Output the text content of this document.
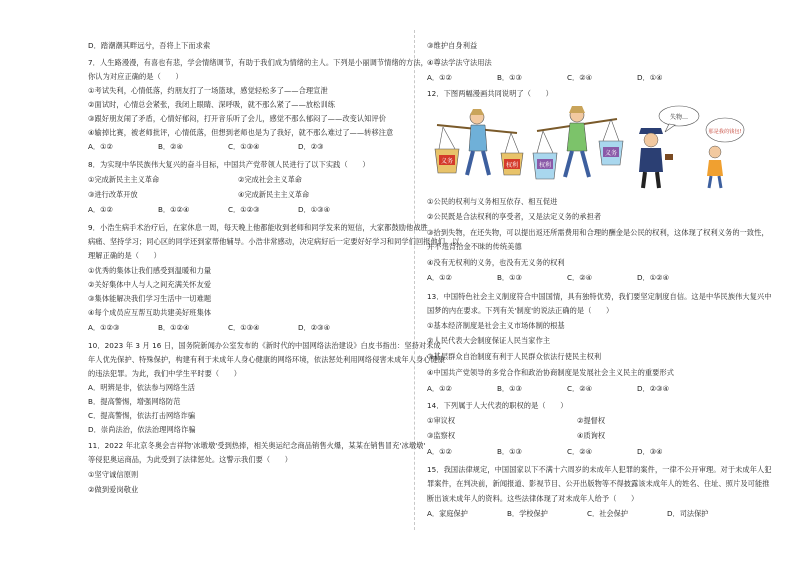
D．踏潮潮其畔远兮，吾将上下而求索
7．人生路漫漫，有喜也有悲，学会情绪调节，有助于我们成为情绪的主人。下列是小丽调节情绪的方法，
你认为对应正确的是（　　）
①考试失利，心情低落，约朋友打了一场篮球，感觉轻松多了——合理宣泄
②面试时，心情总会紧张，我闭上眼睛、深呼吸，就不那么紧了——放松训练
③跟好朋友闹了矛盾，心情好郁闷，打开音乐听了会儿，感觉不那么郁闷了——改变认知评价
④输掉比赛，被老师批评，心情低落，但想到老师也是为了我好，就不那么难过了——转移注意
A．①②	B．②④	C．①③④	D．②③
8．为实现中华民族伟大复兴的奋斗目标，中国共产党带领人民进行了以下实践（　　）
①完成新民主主义革命	②完成社会主义革命
③进行改革开放	④完成新民主主义革命
A．①②	B．①②④	C．①②③	D．①③④
9．小浩生病手术治疗后，在家休息一周，每天晚上他都能收到老师和同学发来的短信，大家都鼓励他战胜
病痛、坚持学习；同心区的同学还到家帮他辅导。小浩非常感动，决定病好后一定要好好学习和同学们回报他们。以
理解正确的是（　　）
①优秀的集体让我们感受到温暖和力量
②关好集体中人与人之间充满关怀友爱
③集体能解决我们学习生活中一切难题
④每个成员应互帮互助共建美好班集体
A．①②③	B．①②④	C．①③④	D．②③④
10．2023 年 3 月 16 日，国务院新闻办公室发布的《新时代的中国网络法治建设》白皮书指出：坚持对未成
年人优先保护、特殊保护，构建有利于未成年人身心健康的网络环境，依法惩处利用网络侵害未成年人身心健康
的违法犯罪。为此，我们中学生平时要（　　）
A．明辨是非，依法参与网络生活
B．提高警惕，增强网络防范
C．提高警惕，依法打击网络诈骗
D．崇尚法治，依法治理网络诈骗
11．2022 年北京冬奥会吉祥物'冰墩墩'受到热捧，相关奥运纪念商品销售火爆，某某在销售冒充'冰墩墩'
等侵犯奥运商品，为此受到了法律惩处。这警示我们要（　　）
①坚守诚信原则
②做到爱岗敬业
③维护自身利益
④尊法学法守法用法
A．①②	B．①③	C．②④	D．①④
12．下图两幅漫画共同说明了（　　）
义务
权利	权利
义务
失物…
那是我的钱包!
①公民的权利与义务相互依存、相互促进
②公民既是合法权利的享受者，又是法定义务的承担者
③拾到失物，在还失物，可以提出返还所需费用和合理的酬金是公民的权利，这体现了权利义务的一致性，
并不违背拾金不昧的传统美德
④没有无权利的义务，也没有无义务的权利
A．①②	B．①③	C．②④	D．①②④
13．中国特色社会主义制度符合中国国情，具有独特优势，我们要坚定制度自信。这是中华民族伟大复兴中
国梦的内在要求。下列有关'制度'的说法正确的是（　　）
①基本经济制度是社会主义市场体制的根基
②人民代表大会制度保证人民当家作主
③基层群众自治制度有利于人民群众依法行使民主权利
④中国共产党领导的多党合作和政治协商制度是发展社会主义民主的重要形式
A．①②	B．①③	C．②④	D．②③④
14．下列属于人大代表的职权的是（　　）
①审议权	②提督权
③监察权	④质询权
A．①②	B．①③	C．②④	D．③④
15．我国法律规定，中国国家以下不满十六周岁的未成年人犯罪的案件，一律不公开审理。对于未成年人犯
罪案件，在判决前，新闻报道、影视节目、公开出版物等不得披露该未成年人的姓名、住址、照片及可能推
断出该未成年人的资料。这些法律体现了对未成年人给予（　　）
A．家庭保护	B．学校保护	C．社会保护	D．司法保护
